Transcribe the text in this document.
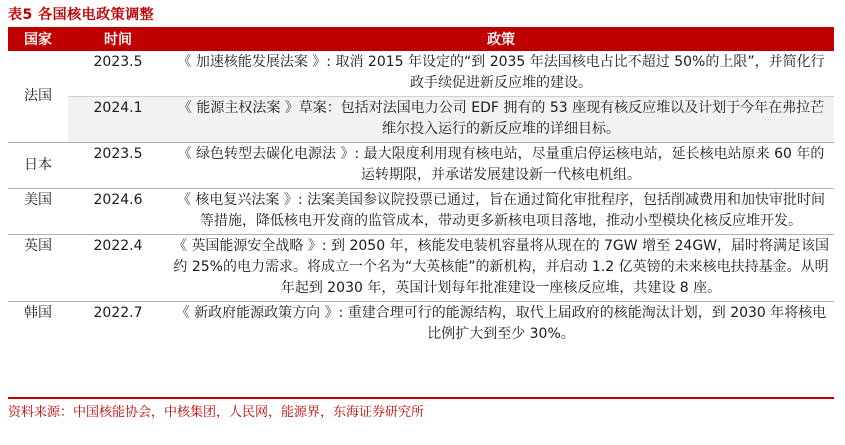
表5 各国核电政策调整
国家	时间	政策
法国	2023.5	《 加速核能发展法案 》: 取消 2015 年设定的“到 2035 年法国核电占比不超过 50%的上限”，并简化行政手续促进新反应堆的建设。
	2024.1	《 能源主权法案 》草案：包括对法国电力公司 EDF 拥有的 53 座现有核反应堆以及计划于今年在弗拉芒维尔投入运行的新反应堆的详细目标。
日本	2023.5	《 绿色转型去碳化电源法 》: 最大限度利用现有核电站，尽量重启停运核电站，延长核电站原来 60 年的运转期限，并承诺发展建设新一代核电机组。
美国	2024.6	《 核电复兴法案 》: 法案美国参议院投票已通过，旨在通过简化审批程序，包括削减费用和加快审批时间等措施，降低核电开发商的监管成本，带动更多新核电项目落地，推动小型模块化核反应堆开发。
英国	2022.4	《 英国能源安全战略 》: 到 2050 年，核能发电装机容量将从现在的 7GW 增至 24GW，届时将满足该国约 25%的电力需求。将成立一个名为“大英核能”的新机构，并启动 1.2 亿英镑的未来核电扶持基金。从明年起到 2030 年，英国计划每年批准建设一座核反应堆，共建设 8 座。
韩国	2022.7	《 新政府能源政策方向 》: 重建合理可行的能源结构，取代上届政府的核能淘汰计划，到 2030 年将核电比例扩大到至少 30%。
资料来源：中国核能协会，中核集团，人民网，能源界，东海证券研究所
